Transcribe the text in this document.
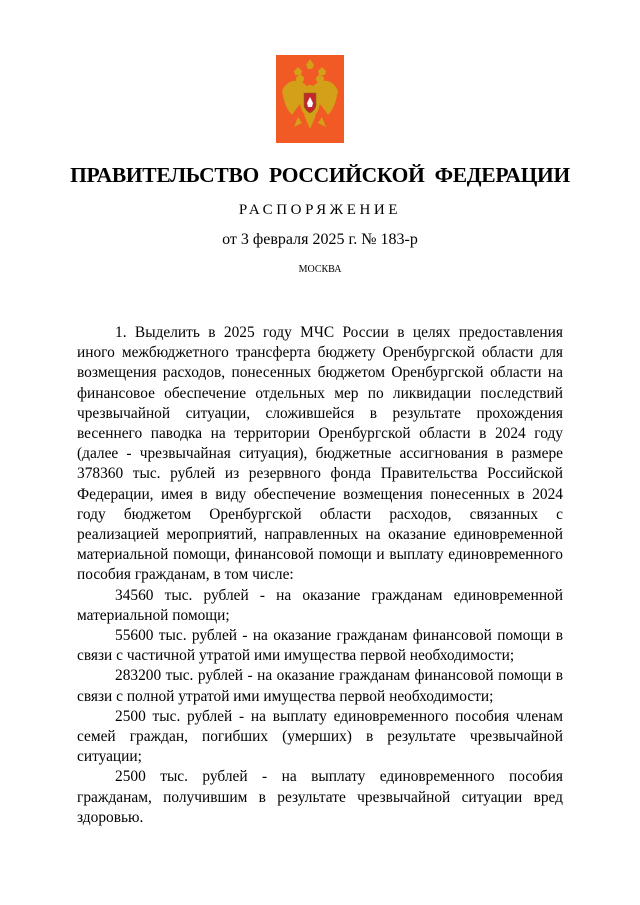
ПРАВИТЕЛЬСТВО РОССИЙСКОЙ ФЕДЕРАЦИИ
РАСПОРЯЖЕНИЕ
от 3 февраля 2025 г. № 183-р
МОСКВА

1. Выделить в 2025 году МЧС России в целях предоставления иного межбюджетного трансферта бюджету Оренбургской области для возмещения расходов, понесенных бюджетом Оренбургской области на финансовое обеспечение отдельных мер по ликвидации последствий чрезвычайной ситуации, сложившейся в результате прохождения весеннего паводка на территории Оренбургской области в 2024 году (далее - чрезвычайная ситуация), бюджетные ассигнования в размере 378360 тыс. рублей из резервного фонда Правительства Российской Федерации, имея в виду обеспечение возмещения понесенных в 2024 году бюджетом Оренбургской области расходов, связанных с реализацией мероприятий, направленных на оказание единовременной материальной помощи, финансовой помощи и выплату единовременного пособия гражданам, в том числе:

34560 тыс. рублей - на оказание гражданам единовременной материальной помощи;

55600 тыс. рублей - на оказание гражданам финансовой помощи в связи с частичной утратой ими имущества первой необходимости;

283200 тыс. рублей - на оказание гражданам финансовой помощи в связи с полной утратой ими имущества первой необходимости;

2500 тыс. рублей - на выплату единовременного пособия членам семей граждан, погибших (умерших) в результате чрезвычайной ситуации;

2500 тыс. рублей - на выплату единовременного пособия гражданам, получившим в результате чрезвычайной ситуации вред здоровью.
